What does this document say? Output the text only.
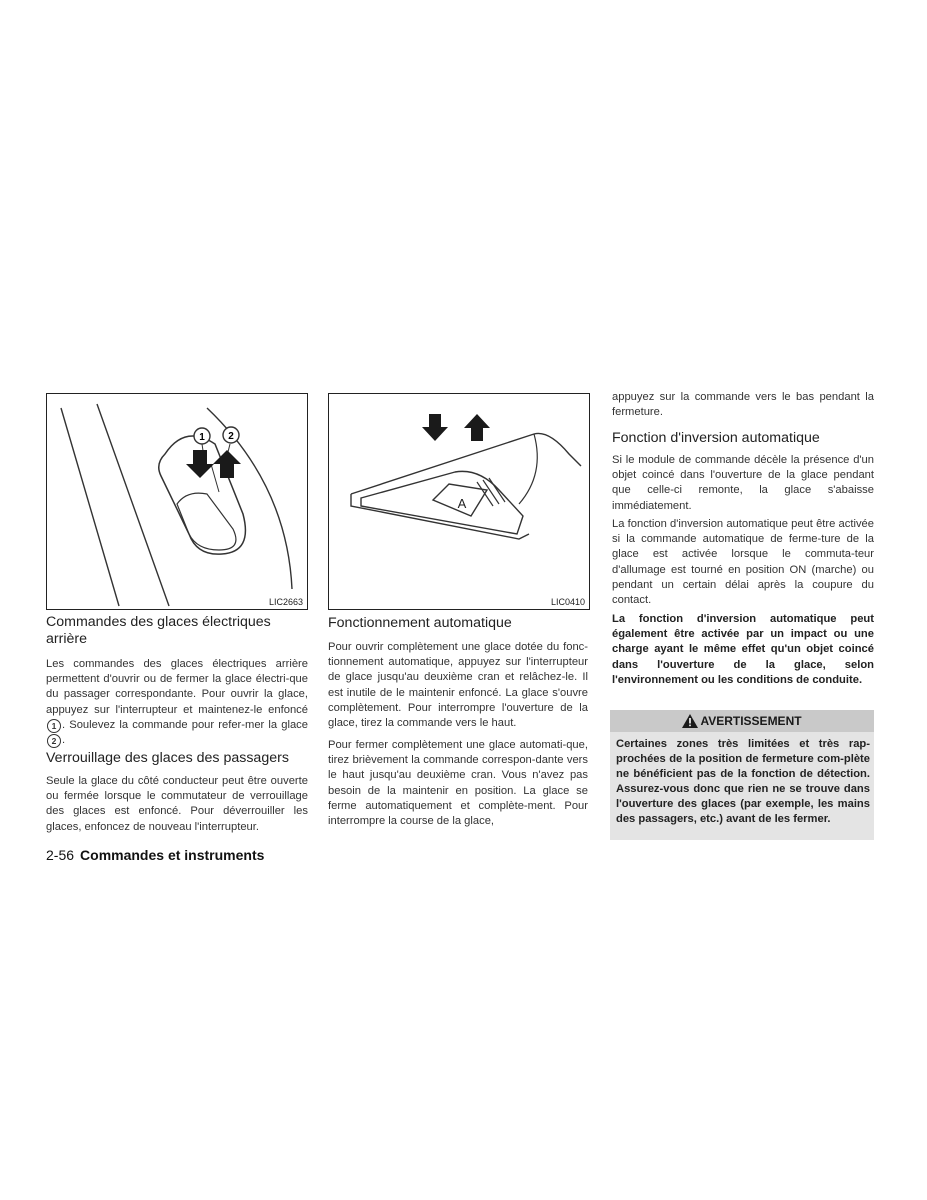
1 2
LIC2663
A
LIC0410
Commandes des glaces électriques arrière

Les commandes des glaces électriques arrière permettent d'ouvrir ou de fermer la glace électri-que du passager correspondante. Pour ouvrir la glace, appuyez sur l'interrupteur et maintenez-le enfoncé 1 . Soulevez la commande pour refer-mer la glace 2 .

Verrouillage des glaces des passagers

Seule la glace du côté conducteur peut être ouverte ou fermée lorsque le commutateur de verrouillage des glaces est enfoncé. Pour déverrouiller les glaces, enfoncez de nouveau l'interrupteur.

Fonctionnement automatique

Pour ouvrir complètement une glace dotée du fonc-tionnement automatique, appuyez sur l'interrupteur de glace jusqu'au deuxième cran et relâchez-le. Il est inutile de le maintenir enfoncé. La glace s'ouvre complètement. Pour interrompre l'ouverture de la glace, tirez la commande vers le haut.

Pour fermer complètement une glace automati-que, tirez brièvement la commande correspon-dante vers le haut jusqu'au deuxième cran. Vous n'avez pas besoin de la maintenir en position. La glace se ferme automatiquement et complète-ment. Pour interrompre la course de la glace,

appuyez sur la commande vers le bas pendant la fermeture.

Fonction d'inversion automatique

Si le module de commande décèle la présence d'un objet coincé dans l'ouverture de la glace pendant que celle-ci remonte, la glace s'abaisse immédiatement.

La fonction d'inversion automatique peut être activée si la commande automatique de ferme-ture de la glace est activée lorsque le commuta-teur d'allumage est tourné en position ON (marche) ou pendant un certain délai après la coupure du contact.

La fonction d'inversion automatique peut également être activée par un impact ou une charge ayant le même effet qu'un objet coincé dans l'ouverture de la glace, selon l'environnement ou les conditions de conduite.

AVERTISSEMENT

Certaines zones très limitées et très rap-prochées de la position de fermeture com-plète ne bénéficient pas de la fonction de détection. Assurez-vous donc que rien ne se trouve dans l'ouverture des glaces (par exemple, les mains des passagers, etc.) avant de les fermer.

2-56 Commandes et instruments
